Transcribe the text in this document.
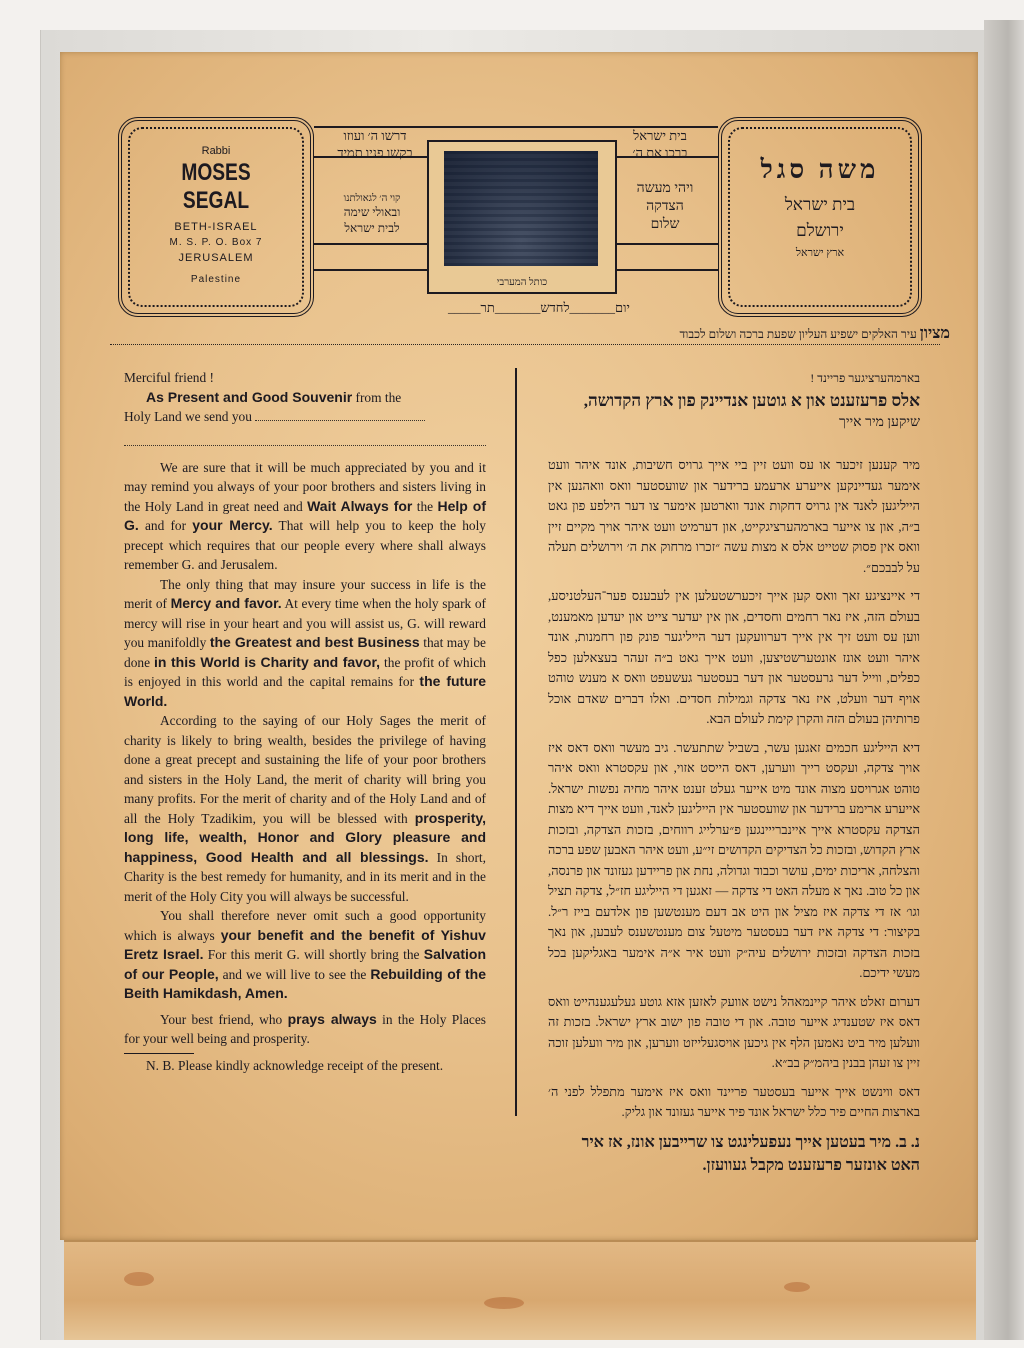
Rabbi
MOSES SEGAL
BETH-ISRAEL
M. S. P. O. Box 7
JERUSALEM
Palestine
משה סגל
בית ישראל
ירושלם
ארץ ישראל
דרשו ה׳ ועוזו
בקשו פניו תמיד
בית ישראל
ברכו את ה׳
קוי ה׳ לגאולתנו
ובאולי שימה
לבית ישראל
ויהי מעשה
הצדקה
שלום
כותל המערבי
יום_______לחדש_______תר_____
מציון עיר האלקים ישפיע העליון שפעת ברכה ושלום לכבוד

Merciful friend !

As Present and Good Souvenir from the

Holy Land we send you

We are sure that it will be much appreciated by you and it may remind you always of your poor brothers and sisters living in the Holy Land in great need and Wait Always for the Help of G. and for your Mercy. That will help you to keep the holy precept which requires that our people every where shall always remember G. and Jerusalem.

The only thing that may insure your success in life is the merit of Mercy and favor. At every time when the holy spark of mercy will rise in your heart and you will assist us, G. will reward you manifoldly the Greatest and best Business that may be done in this World is Charity and favor, the profit of which is enjoyed in this world and the capital remains for the future World.

According to the saying of our Holy Sages the merit of charity is likely to bring wealth, besides the privilege of having done a great precept and sustaining the life of your poor brothers and sisters in the Holy Land, the merit of charity will bring you many profits. For the merit of charity and of the Holy Land and of all the Holy Tzadikim, you will be blessed with prosperity, long life, wealth, Honor and Glory pleasure and happiness, Good Health and all blessings. In short, Charity is the best remedy for humanity, and in its merit and in the merit of the Holy City you will always be successful.

You shall therefore never omit such a good opportunity which is always your benefit and the benefit of Yishuv Eretz Israel. For this merit G. will shortly bring the Salvation of our People, and we will live to see the Rebuilding of the Beith Hamikdash, Amen.

Your best friend, who prays always in the Holy Places for your well being and prosperity.

N. B. Please kindly acknowledge receipt of the present.

בארמהערציגער פריינד !

אלס פרעזענט און א גוטען אנדיינק פון ארץ הקדושה,

שיקען מיר אייך

מיר קענען זיכער או עס וועט זיין ביי אייך גרויס חשיבות, אונד איהר וועט אימער געדיינקען אייערע ארעמע ברידער און שוועסטער וואס וואהנען אין הייליגען לאנד אין גרויס דחקות אונד ווארטען אימער צו דער הילפע פון גאט ב״ה, און צו אייער בארמהערציגקייט, און דערמיט וועט איהר אויך מקיים זיין וואס אין פסוק שטייט אלס א מצות עשה ״זכרו מרחוק את ה׳ וירושלים תעלה על לבבכם״.

די איינציגע זאך וואס קען אייך זיכערשטעלען אין לעבענס פער־העלטניסע, בעולם הזה, איז נאר רחמים וחסדים, און אין יעדער צייט און יעדען מאמענט, ווען עס וועט זיך אין אייך דערוועקען דער הייליגער פונק פון רחמנות, אונד איהר וועט אונז אונטערשטיצען, וועט אייך גאט ב״ה זעהר בעצאלען כפל כפלים, ווייל דער גרעסטער און דער בעסטער געשעפט וואס א מענש טוהט אויף דער וועלט, איז נאר צדקה וגמילות חסדים. ואלו דברים שאדם אוכל פרותיהן בעולם הזה והקרן קימת לעולם הבא.

דיא הייליגע חכמים זאגען עשר, בשביל שתתעשר. גיב מעשר וואס דאס איז אויך צדקה, ועקסט רייך ווערען, דאס הייסט אזוי, און עקסטרא וואס איהר טוהט אגרויסע מצוה אונד מיט אייער געלט זענט איהר מחיה נפשות ישראל. אייערע ארימע ברידער און שוועסטער אין הייליגען לאנד, וועט אייך דיא מצות הצדקה עקסטרא אייך איינברייינגען פ״ערלייג רווחים, בזכות הצדקה, ובזכות ארץ הקדוש, ובזכות כל הצדיקים הקדושים זי״ע, וועט איהר האבען שפע ברכה והצלחה, אריכות ימים, עושר וכבוד וגדולה, נחת און פריידען געזונד און פרנסה, און כל טוב. נאך א מעלה האט די צדקה — זאגען די הייליגע חז״ל, צדקה תציל וגו׳ אז די צדקה איז מציל און היט אב דעם מענטשען פון אלדעם בייז ר״ל. בקיצור: די צדקה איז דער בעסטער מיטעל צום מענטשענס לעבען, און נאך בזכות הצדקה ובזכות ירושלים עיה״ק וועט איר א״ה אימער באגליקען בכל מעשי ידיכם.

דערום זאלט איהר קיינמאהל נישט אוועק לאזען אזא גוטע געלעגענהייט וואס דאס איז שטענדיג אייער טובה. און די טובה פון ישוב ארץ ישראל. בזכות זה וועלען מיר ביט נאמען הלף אין גיכען אויסגעלייזט ווערען, און מיר וועלען זוכה זיין צו זעהן בבנין ביהמ״ק בב״א.

דאס ווינשט אייך אייער בעסטער פריינד וואס איז אימער מתפלל לפני ה׳ בארצות החיים פיר כלל ישראל אונד פיר אייער געזונד און גליק.

נ. ב. מיר בעטען אייך נעפעלינגט צו שרייבען אונז, אז איר

האט אונזער פרעזענט מקבל געוועזן.
